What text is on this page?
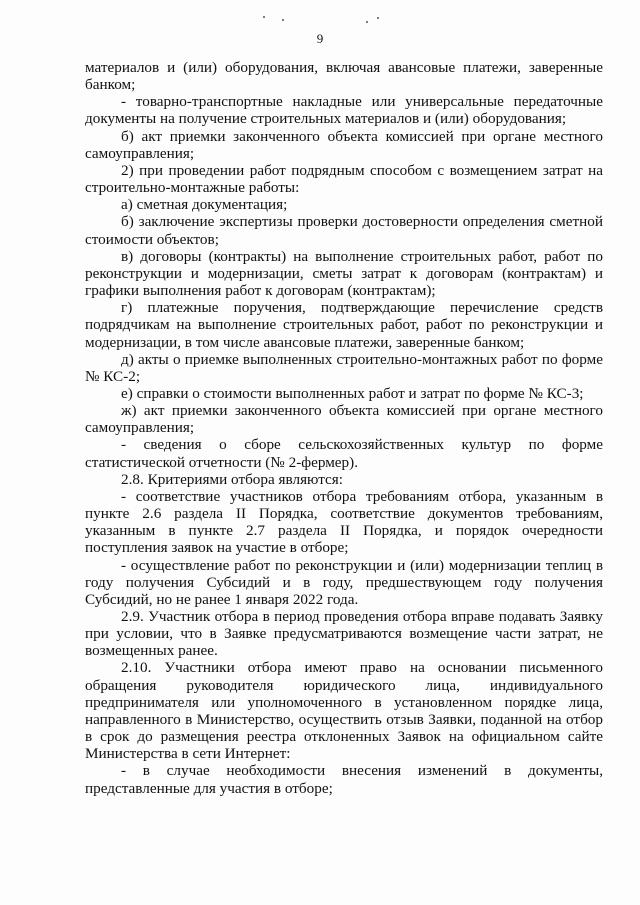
9

материалов и (или) оборудования, включая авансовые платежи, заверенные банком;

- товарно-транспортные накладные или универсальные передаточные документы на получение строительных материалов и (или) оборудования;

б) акт приемки законченного объекта комиссией при органе местного самоуправления;

2) при проведении работ подрядным способом с возмещением затрат на строительно-монтажные работы:

а) сметная документация;

б) заключение экспертизы проверки достоверности определения сметной стоимости объектов;

в) договоры (контракты) на выполнение строительных работ, работ по реконструкции и модернизации, сметы затрат к договорам (контрактам) и графики выполнения работ к договорам (контрактам);

г) платежные поручения, подтверждающие перечисление средств подрядчикам на выполнение строительных работ, работ по реконструкции и модернизации, в том числе авансовые платежи, заверенные банком;

д) акты о приемке выполненных строительно-монтажных работ по форме № КС-2;

е) справки о стоимости выполненных работ и затрат по форме № КС-3;

ж) акт приемки законченного объекта комиссией при органе местного самоуправления;

- сведения о сборе сельскохозяйственных культур по форме статистической отчетности (№ 2-фермер).

2.8. Критериями отбора являются:

- соответствие участников отбора требованиям отбора, указанным в пункте 2.6 раздела II Порядка, соответствие документов требованиям, указанным в пункте 2.7 раздела II Порядка, и порядок очередности поступления заявок на участие в отборе;

- осуществление работ по реконструкции и (или) модернизации теплиц в году получения Субсидий и в году, предшествующем году получения Субсидий, но не ранее 1 января 2022 года.

2.9. Участник отбора в период проведения отбора вправе подавать Заявку при условии, что в Заявке предусматриваются возмещение части затрат, не возмещенных ранее.

2.10. Участники отбора имеют право на основании письменного обращения руководителя юридического лица, индивидуального предпринимателя или уполномоченного в установленном порядке лица, направленного в Министерство, осуществить отзыв Заявки, поданной на отбор в срок до размещения реестра отклоненных Заявок на официальном сайте Министерства в сети Интернет:

- в случае необходимости внесения изменений в документы, представленные для участия в отборе;
